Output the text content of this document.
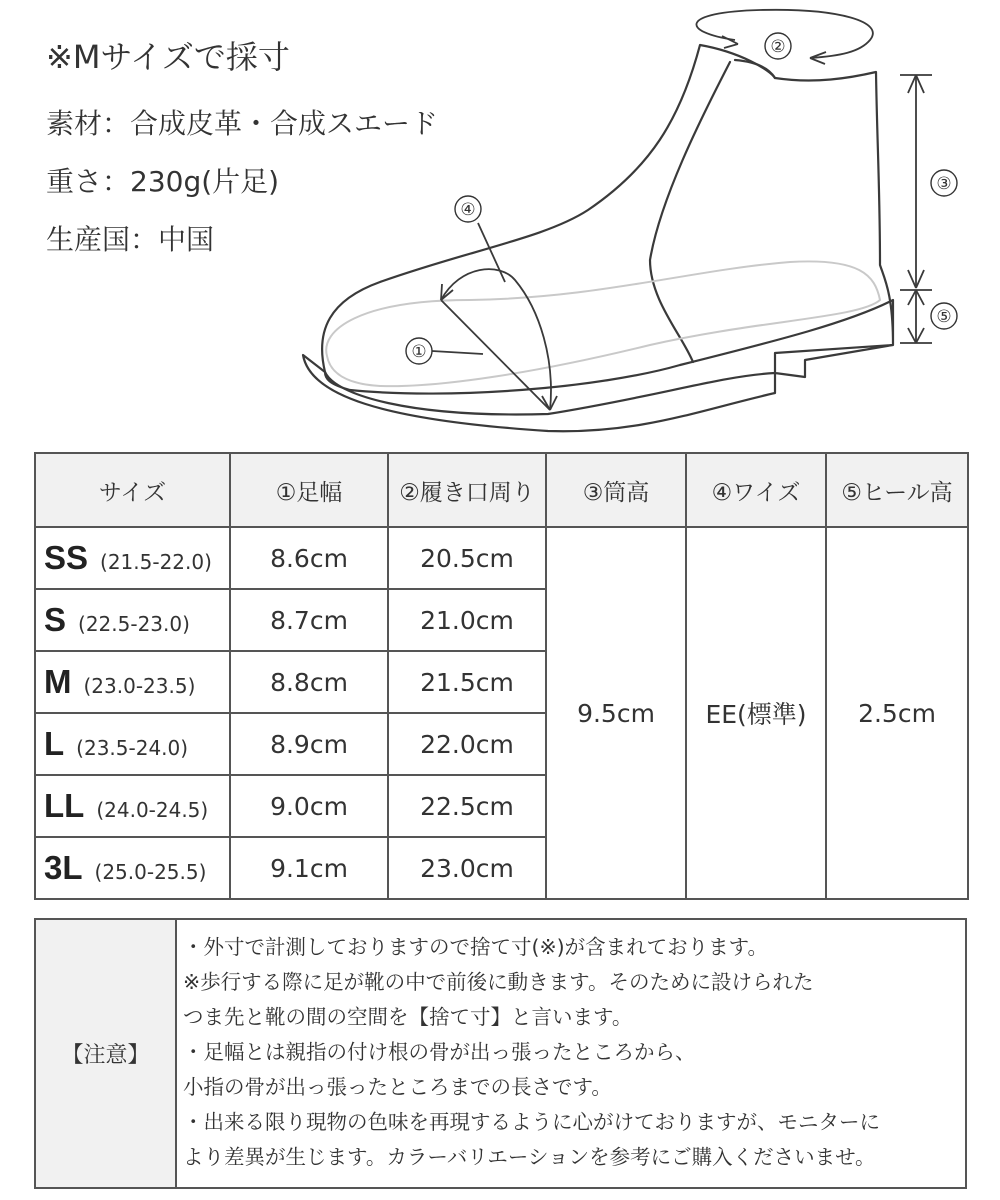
※Mサイズで採寸
素材：合成皮革・合成スエード
重さ：230g(片足)
生産国：中国
②
③
⑤
④
①
サイズ	①足幅	②履き口周り	③筒高	④ワイズ	⑤ヒール高
SS (21.5-22.0)	8.6cm	20.5cm	9.5cm	EE(標準)	2.5cm
S (22.5-23.0)	8.7cm	21.0cm			
M (23.0-23.5)	8.8cm	21.5cm			
L (23.5-24.0)	8.9cm	22.0cm			
LL (24.0-24.5)	9.0cm	22.5cm			
3L (25.0-25.5)	9.1cm	23.0cm			
【注意】	
・外寸で計測しておりますので捨て寸(※)が含まれております。
※歩行する際に足が靴の中で前後に動きます。そのために設けられた
つま先と靴の間の空間を【捨て寸】と言います。
・足幅とは親指の付け根の骨が出っ張ったところから、
小指の骨が出っ張ったところまでの長さです。
・出来る限り現物の色味を再現するように心がけておりますが、モニターに
より差異が生じます。カラーバリエーションを参考にご購入くださいませ。
